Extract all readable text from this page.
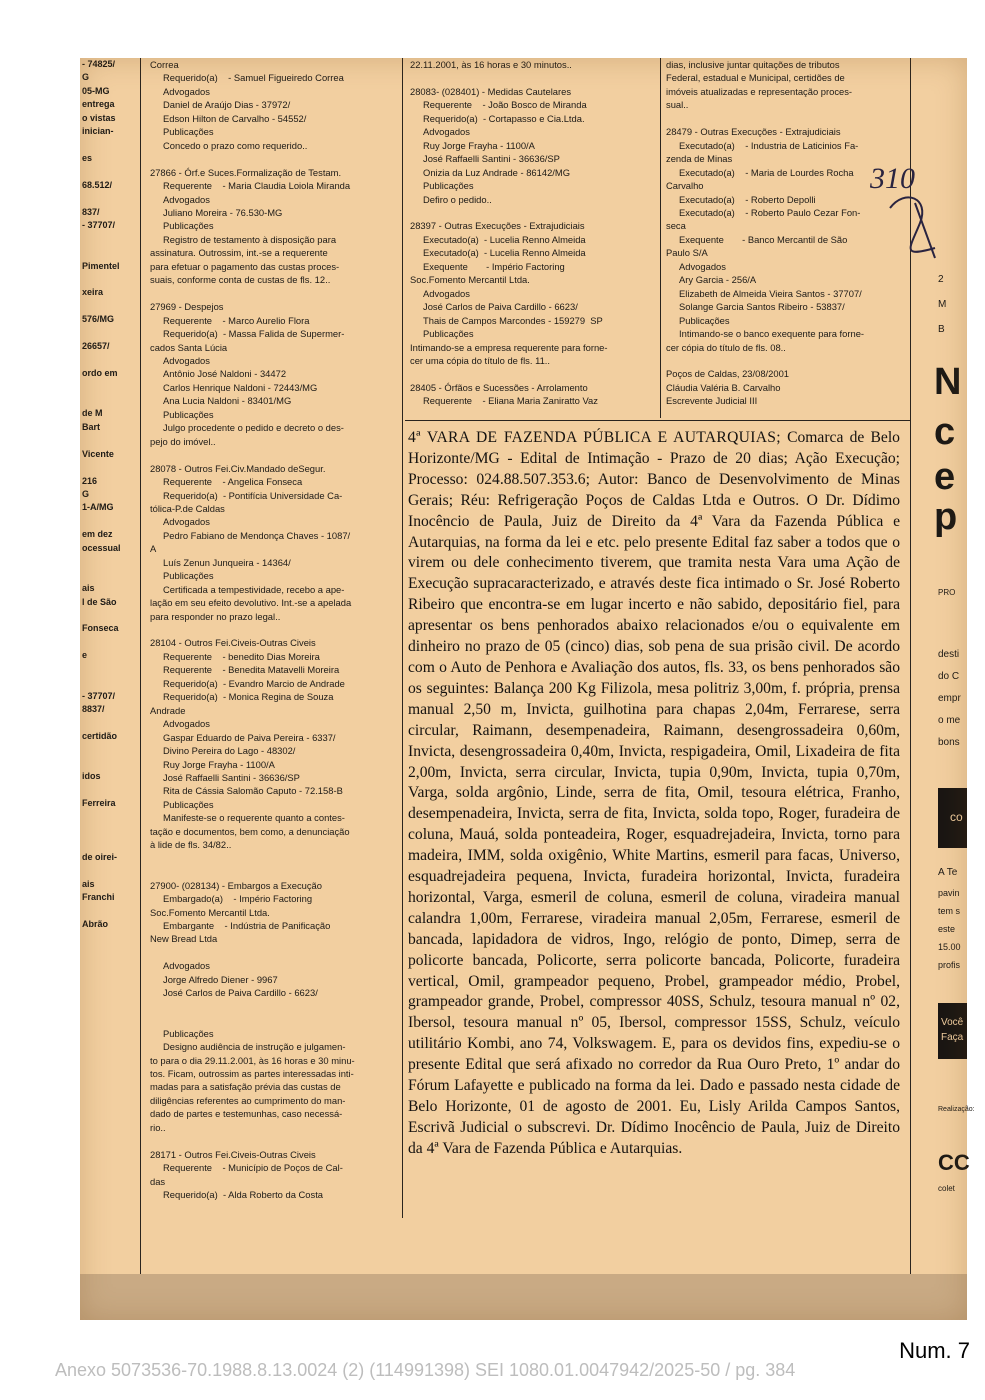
- 74825/
G
05-MG
entrega
o vistas
inician-
es
68.512/
837/
- 37707/
Pimentel
xeira
576/MG
26657/
ordo em
de M
Bart
Vicente
216
G
1-A/MG
em dez
ocessual
ais
l de São
Fonseca
e
- 37707/
8837/
certidão
idos
Ferreira
de oirei-
ais
Franchi
Abrão
Correa
Requerido(a)    - Samuel Figueiredo Correa
Advogados
Daniel de Araújo Dias - 37972/
Edson Hilton de Carvalho - 54552/
Publicações
Concedo o prazo como requerido..

27866 - Órf.e Suces.Formalização de Testam.
Requerente    - Maria Claudia Loiola Miranda
Advogados
Juliano Moreira - 76.530-MG
Publicações
Registro de testamento à disposição para
assinatura. Outrossim, int.-se a requerente
para efetuar o pagamento das custas proces-
suais, conforme conta de custas de fls. 12..

27969 - Despejos
Requerente    - Marco Aurelio Flora
Requerido(a)  - Massa Falida de Supermer-
cados Santa Lúcia
Advogados
Antônio José Naldoni - 34472
Carlos Henrique Naldoni - 72443/MG
Ana Lucia Naldoni - 83401/MG
Publicações
Julgo procedente o pedido e decreto o des-
pejo do imóvel..

28078 - Outros Fei.Civ.Mandado deSegur.
Requerente    - Angelica Fonseca
Requerido(a)  - Pontifícia Universidade Ca-
tólica-P.de Caldas
Advogados
Pedro Fabiano de Mendonça Chaves - 1087/
A
Luís Zenun Junqueira - 14364/
Publicações
Certificada a tempestividade, recebo a ape-
lação em seu efeito devolutivo. Int.-se a apelada
para responder no prazo legal..

28104 - Outros Fei.Civeis-Outras Civeis
Requerente    - benedito Dias Moreira
Requerente    - Benedita Matavelli Moreira
Requerido(a)  - Evandro Marcio de Andrade
Requerido(a)  - Monica Regina de Souza
Andrade
Advogados
Gaspar Eduardo de Paiva Pereira - 6337/
Divino Pereira do Lago - 48302/
Ruy Jorge Frayha - 1100/A
José Raffaelli Santini - 36636/SP
Rita de Cássia Salomão Caputo - 72.158-B
Publicações
Manifeste-se o requerente quanto a contes-
tação e documentos, bem como, a denunciação
à lide de fls. 34/82..

27900- (028134) - Embargos a Execução
Embargado(a)    - Império Factoring
Soc.Fomento Mercantil Ltda.
Embargante    - Indústria de Panificação
New Bread Ltda

Advogados
Jorge Alfredo Diener - 9967
José Carlos de Paiva Cardillo - 6623/

Publicações
Designo audiência de instrução e julgamen-
to para o dia 29.11.2.001, às 16 horas e 30 minu-
tos. Ficam, outrossim as partes interessadas inti-
madas para a satisfação prévia das custas de
diligências referentes ao cumprimento do man-
dado de partes e testemunhas, caso necessá-
rio..

28171 - Outros Fei.Civeis-Outras Civeis
Requerente    - Município de Poços de Cal-
das
Requerido(a)  - Alda Roberto da Costa
22.11.2001, às 16 horas e 30 minutos..

28083- (028401) - Medidas Cautelares
Requerente    - João Bosco de Miranda
Requerido(a)  - Cortapasso e Cia.Ltda.
Advogados
Ruy Jorge Frayha - 1100/A
José Raffaelli Santini - 36636/SP
Onizia da Luz Andrade - 86142/MG
Publicações
Defiro o pedido..

28397 - Outras Execuções - Extrajudiciais
Executado(a)  - Lucelia Renno Almeida
Executado(a)  - Lucelia Renno Almeida
Exequente       - Império Factoring
Soc.Fomento Mercantil Ltda.
Advogados
José Carlos de Paiva Cardillo - 6623/
Thais de Campos Marcondes - 159279  SP
Publicações
Intimando-se a empresa requerente para forne-
cer uma cópia do título de fls. 11..

28405 - Órfãos e Sucessões - Arrolamento
Requerente    - Eliana Maria Zaniratto Vaz
dias, inclusive juntar quitações de tributos
Federal, estadual e Municipal, certidões de
imóveis atualizadas e representação proces-
sual..

28479 - Outras Execuções - Extrajudiciais
Executado(a)    - Industria de Laticinios Fa-
zenda de Minas
Executado(a)    - Maria de Lourdes Rocha
Carvalho
Executado(a)    - Roberto Depolli
Executado(a)    - Roberto Paulo Cezar Fon-
seca
Exequente       - Banco Mercantil de São
Paulo S/A
Advogados
Ary Garcia - 256/A
Elizabeth de Almeida Vieira Santos - 37707/
Solange Garcia Santos Ribeiro - 53837/
Publicações
Intimando-se o banco exequente para forne-
cer cópia do título de fls. 08..

Poços de Caldas, 23/08/2001
Cláudia Valéria B. Carvalho
Escrevente Judicial III
4ª VARA DE FAZENDA PÚBLICA E AUTARQUIAS; Comarca de Belo Horizonte/MG - Edital de Intimação - Prazo de 20 dias; Ação Execução; Processo: 024.88.507.353.6; Autor: Banco de Desenvolvimento de Minas Gerais; Réu: Refrigeração Poços de Caldas Ltda e Outros. O Dr. Dídimo Inocêncio de Paula, Juiz de Direito da 4ª Vara da Fazenda Pública e Autarquias, na forma da lei e etc. pelo presente Edital faz saber a todos que o virem ou dele conhecimento tiverem, que tramita nesta Vara uma Ação de Execução supracaracterizado, e através deste fica intimado o Sr. José Roberto Ribeiro que encontra-se em lugar incerto e não sabido, depositário fiel, para apresentar os bens penhorados abaixo relacionados e/ou o equivalente em dinheiro no prazo de 05 (cinco) dias, sob pena de sua prisão civil. De acordo com o Auto de Penhora e Avaliação dos autos, fls. 33, os bens penhorados são os seguintes: Balança 200 Kg Filizola, mesa politriz 3,00m, f. própria, prensa manual 2,50 m, Invicta, guilhotina para chapas 2,04m, Ferrarese, serra circular, Raimann, desempenadeira, Raimann, desengrossadeira 0,60m, Invicta, desengrossadeira 0,40m, Invicta, respigadeira, Omil, Lixadeira de fita 2,00m, Invicta, serra circular, Invicta, tupia 0,90m, Invicta, tupia 0,70m, Varga, solda argônio, Linde, serra de fita, Omil, tesoura elétrica, Franho, desempenadeira, Invicta, serra de fita, Invicta, solda topo, Roger, furadeira de coluna, Mauá, solda ponteadeira, Roger, esquadrejadeira, Invicta, torno para madeira, IMM, solda oxigênio, White Martins, esmeril para facas, Universo, esquadrejadeira pequena, Invicta, furadeira horizontal, Invicta, furadeira horizontal, Varga, esmeril de coluna, esmeril de coluna, viradeira manual calandra 1,00m, Ferrarese, viradeira manual 2,05m, Ferrarese, esmeril de bancada, lapidadora de vidros, Ingo, relógio de ponto, Dimep, serra de policorte bancada, Policorte, serra policorte bancada, Policorte, furadeira vertical, Omil, grampeador pequeno, Probel, grampeador médio, Probel, grampeador grande, Probel, compressor 40SS, Schulz, tesoura manual nº 02, Ibersol, tesoura manual nº 05, Ibersol, compressor 15SS, Schulz, veículo utilitário Kombi, ano 74, Volkswagem. E, para os devidos fins, expediu-se o presente Edital que será afixado no corredor da Rua Ouro Preto, 1º andar do Fórum Lafayette e publicado na forma da lei. Dado e passado nesta cidade de Belo Horizonte, 01 de agosto de 2001. Eu, Lisly Arilda Campos Santos, Escrivã Judicial o subscrevi. Dr. Dídimo Inocêncio de Paula, Juiz de Direito da 4ª Vara de Fazenda Pública e Autarquias.
2
M
B
N
c
e
p
PRO
desti
do C
empr
o me
bons
co
A Te
pavin
tem s
este
15.00
profis
Você
Faça
Realização:
CC
colet
310
Num. 7
Anexo 5073536-70.1988.8.13.0024 (2) (114991398) SEI 1080.01.0047942/2025-50 / pg. 384
